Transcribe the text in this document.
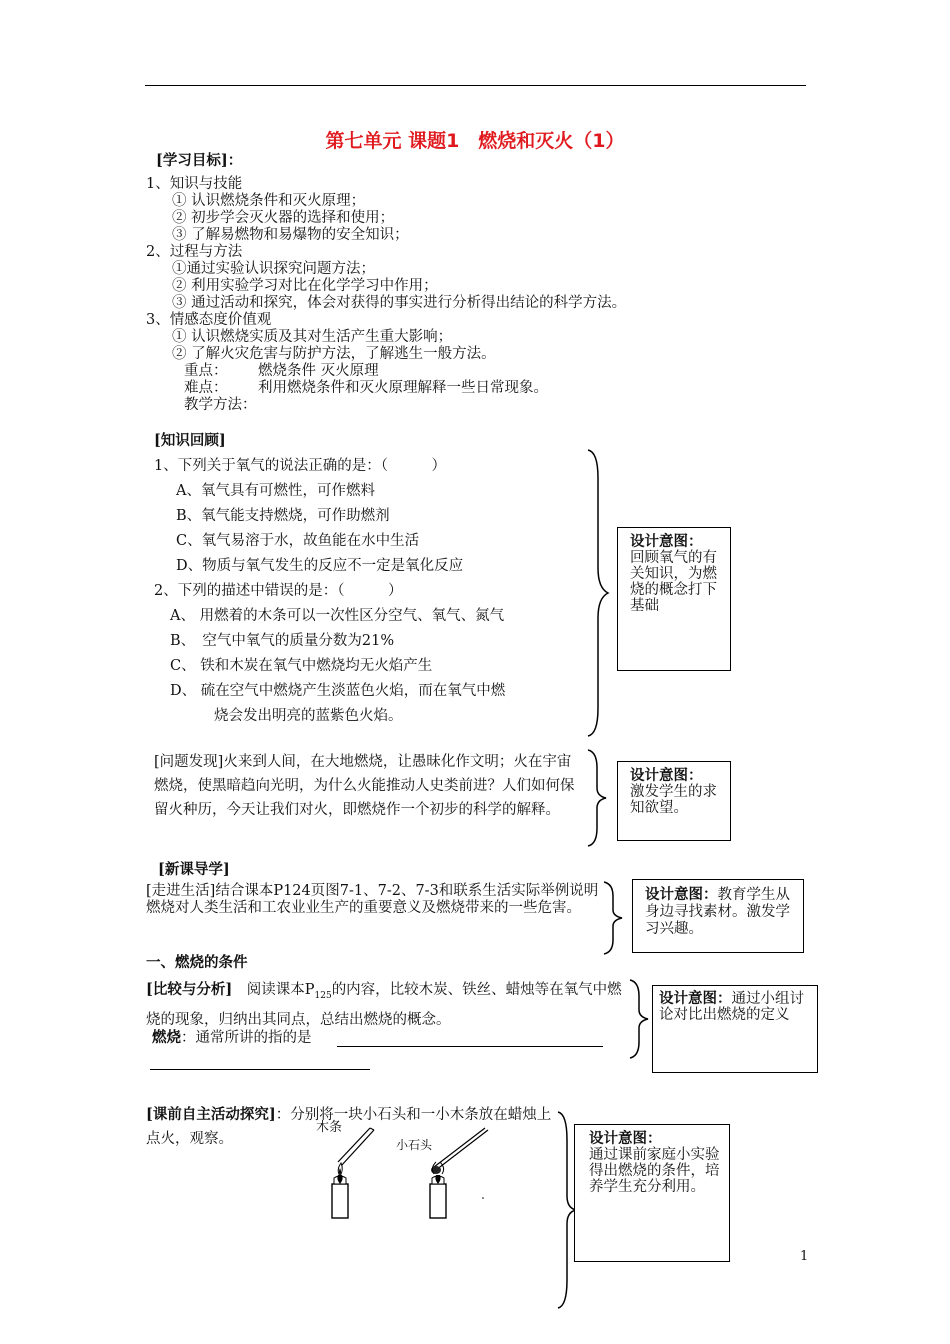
第七单元 课题1　燃烧和灭火（1）
[学习目标]：
1、知识与技能
① 认识燃烧条件和灭火原理；
② 初步学会灭火器的选择和使用；
③ 了解易燃物和易爆物的安全知识；
2、过程与方法
①通过实验认识探究问题方法；
② 利用实验学习对比在化学学习中作用；
③ 通过活动和探究，体会对获得的事实进行分析得出结论的科学方法。
3、情感态度价值观
① 认识燃烧实质及其对生活产生重大影响；
② 了解火灾危害与防护方法，了解逃生一般方法。
重点： 燃烧条件 灭火原理
难点： 利用燃烧条件和灭火原理解释一些日常现象。
教学方法：
[知识回顾]
1、下列关于氧气的说法正确的是：（　　　）
A、氧气具有可燃性，可作燃料
B、氧气能支持燃烧，可作助燃剂
C、氧气易溶于水，故鱼能在水中生活
D、物质与氧气发生的反应不一定是氧化反应
2、下列的描述中错误的是：（　　　）
A、 用燃着的木条可以一次性区分空气、氧气、氮气
B、　空气中氧气的质量分数为21%
C、 铁和木炭在氧气中燃烧均无火焰产生
D、 硫在空气中燃烧产生淡蓝色火焰，而在氧气中燃
烧会发出明亮的蓝紫色火焰。
设计意图：
回顾氧气的有关知识，为燃烧的概念打下基础
[问题发现]火来到人间，在大地燃烧，让愚昧化作文明；火在宇宙燃烧，使黑暗趋向光明，为什么火能推动人史类前进？人们如何保留火种历，今天让我们对火，即燃烧作一个初步的科学的解释。
设计意图：
激发学生的求知欲望。
[新课导学]
[走进生活]结合课本P124页图7-1、7-2、7-3和联系生活实际举例说明燃烧对人类生活和工农业业生产的重要意义及燃烧带来的一些危害。
设计意图：教育学生从身边寻找素材。激发学习兴趣。
一、燃烧的条件
[比较与分析]　 阅读课本$P_{125}$的内容，比较木炭、铁丝、蜡烛等在氧气中燃烧的现象，归纳出其同点，总结出燃烧的概念。
燃烧：通常所讲的指的是
设计意图：通过小组讨论对比出燃烧的定义
[课前自主活动探究]：分别将一块小石头和一小木条放在蜡烛上点火，观察。
木条
小石头	设计意图：
通过课前家庭小实验得出燃烧的条件，培养学生充分利用。
1
